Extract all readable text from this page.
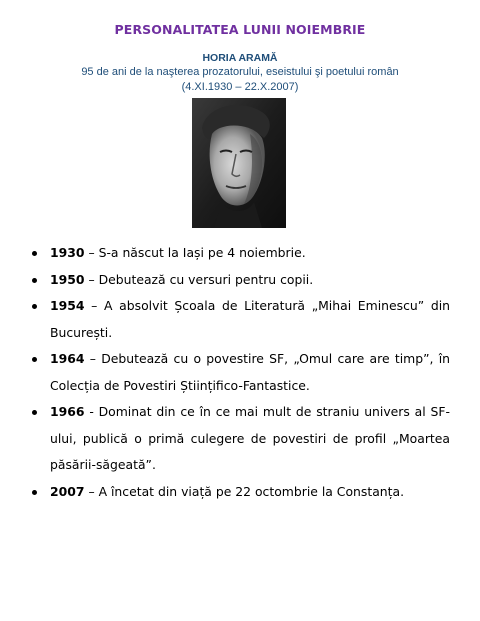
PERSONALITATEA LUNII NOIEMBRIE
HORIA ARAMĂ
95 de ani de la naşterea prozatorului, eseistului şi poetului român
(4.XI.1930 – 22.X.2007)
1930 – S-a născut la Iași pe 4 noiembrie.
1950 – Debutează cu versuri pentru copii.
1954 – A absolvit Școala de Literatură „Mihai Eminescu” din București.
1964 – Debutează cu o povestire SF, „Omul care are timp”, în Colecția de Povestiri Științifico-Fantastice.
1966 - Dominat din ce în ce mai mult de straniu univers al SF-ului, publică o primă culegere de povestiri de profil „Moartea păsării-săgeată”.
2007 – A încetat din viață pe 22 octombrie la Constanța.
